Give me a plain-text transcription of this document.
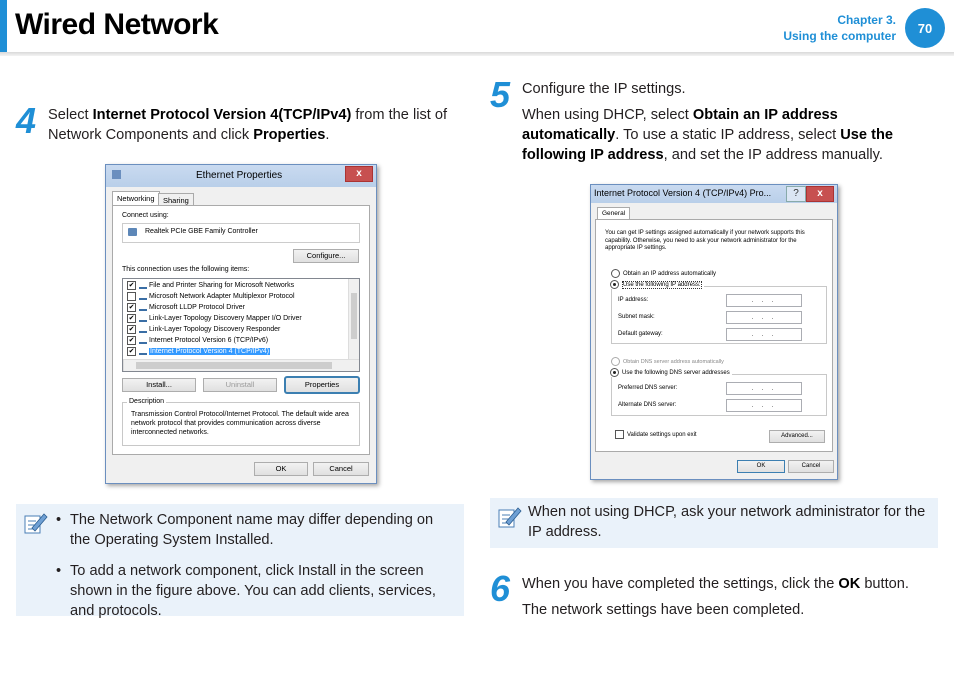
Wired Network	Chapter 3.
Using the computer
70
4 Select Internet Protocol Version 4(TCP/IPv4) from the list of Network Components and click Properties.
Ethernet Properties	x
Networking	Sharing
Connect using:
Realtek PCIe GBE Family Controller
Configure...
This connection uses the following items:
✔ File and Printer Sharing for Microsoft Networks
Microsoft Network Adapter Multiplexor Protocol
✔ Microsoft LLDP Protocol Driver
✔ Link-Layer Topology Discovery Mapper I/O Driver
✔ Link-Layer Topology Discovery Responder
✔ Internet Protocol Version 6 (TCP/IPv6)
✔ Internet Protocol Version 4 (TCP/IPv4)
Install...	Uninstall	Properties
Description
Transmission Control Protocol/Internet Protocol. The default wide area network protocol that provides communication across diverse interconnected networks.
OK	Cancel
• The Network Component name may differ depending on the Operating System Installed.
• To add a network component, click Install in the screen shown in the figure above. You can add clients, services, and protocols.
5 Configure the IP settings.
When using DHCP, select Obtain an IP address automatically. To use a static IP address, select Use the following IP address, and set the IP address manually.
Internet Protocol Version 4 (TCP/IPv4) Pro...	?	x
General
You can get IP settings assigned automatically if your network supports this capability. Otherwise, you need to ask your network administrator for the appropriate IP settings.
Obtain an IP address automatically
Use the following IP address:
IP address:	. . .
Subnet mask:	. . .
Default gateway:	. . .
Obtain DNS server address automatically
Use the following DNS server addresses
Preferred DNS server:	. . .
Alternate DNS server:	. . .
Validate settings upon exit	Advanced...
OK	Cancel
When not using DHCP, ask your network administrator for the IP address.
6 When you have completed the settings, click the OK button.
The network settings have been completed.
